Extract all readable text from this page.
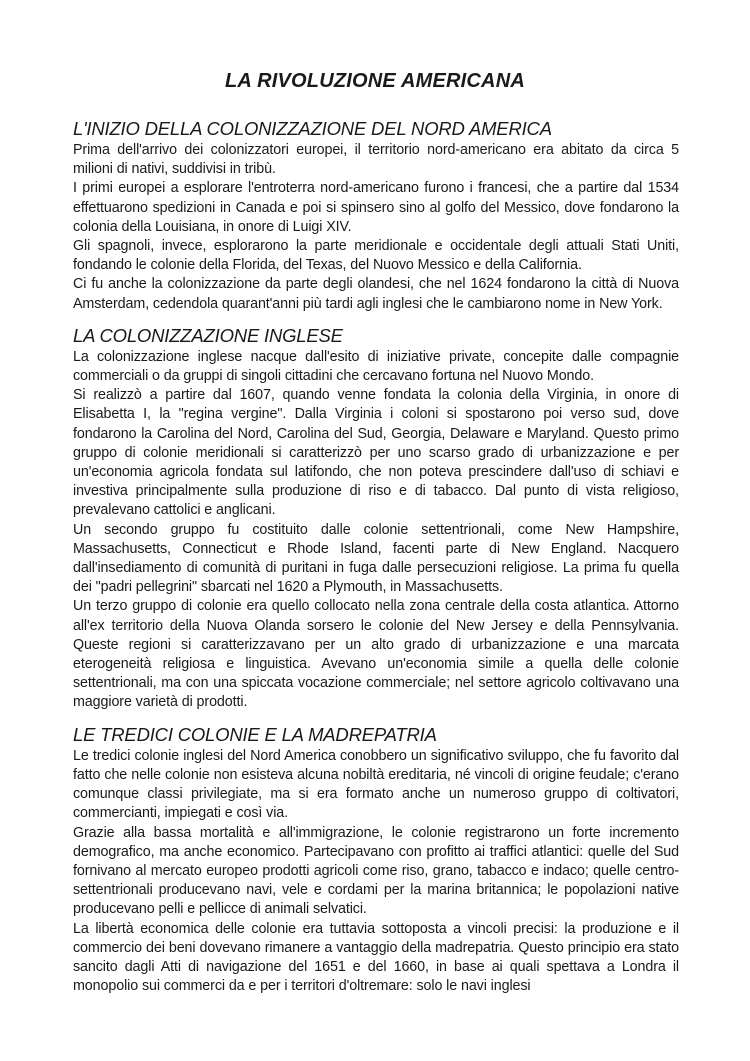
LA RIVOLUZIONE AMERICANA
L'INIZIO DELLA COLONIZZAZIONE DEL NORD AMERICA

Prima dell'arrivo dei colonizzatori europei, il territorio nord-americano era abitato da circa 5 milioni di nativi, suddivisi in tribù.

I primi europei a esplorare l'entroterra nord-americano furono i francesi, che a partire dal 1534 effettuarono spedizioni in Canada e poi si spinsero sino al golfo del Messico, dove fondarono la colonia della Louisiana, in onore di Luigi XIV.

Gli spagnoli, invece, esplorarono la parte meridionale e occidentale degli attuali Stati Uniti, fondando le colonie della Florida, del Texas, del Nuovo Messico e della California.

Ci fu anche la colonizzazione da parte degli olandesi, che nel 1624 fondarono la città di Nuova Amsterdam, cedendola quarant'anni più tardi agli inglesi che le cambiarono nome in New York.

LA COLONIZZAZIONE INGLESE

La colonizzazione inglese nacque dall'esito di iniziative private, concepite dalle compagnie commerciali o da gruppi di singoli cittadini che cercavano fortuna nel Nuovo Mondo.

Si realizzò a partire dal 1607, quando venne fondata la colonia della Virginia, in onore di Elisabetta I, la "regina vergine". Dalla Virginia i coloni si spostarono poi verso sud, dove fondarono la Carolina del Nord, Carolina del Sud, Georgia, Delaware e Maryland. Questo primo gruppo di colonie meridionali si caratterizzò per uno scarso grado di urbanizzazione e per un'economia agricola fondata sul latifondo, che non poteva prescindere dall'uso di schiavi e investiva principalmente sulla produzione di riso e di tabacco. Dal punto di vista religioso, prevalevano cattolici e anglicani.

Un secondo gruppo fu costituito dalle colonie settentrionali, come New Hampshire, Massachusetts, Connecticut e Rhode Island, facenti parte di New England. Nacquero dall'insediamento di comunità di puritani in fuga dalle persecuzioni religiose. La prima fu quella dei "padri pellegrini" sbarcati nel 1620 a Plymouth, in Massachusetts.

Un terzo gruppo di colonie era quello collocato nella zona centrale della costa atlantica. Attorno all'ex territorio della Nuova Olanda sorsero le colonie del New Jersey e della Pennsylvania. Queste regioni si caratterizzavano per un alto grado di urbanizzazione e una marcata eterogeneità religiosa e linguistica. Avevano un'economia simile a quella delle colonie settentrionali, ma con una spiccata vocazione commerciale; nel settore agricolo coltivavano una maggiore varietà di prodotti.

LE TREDICI COLONIE E LA MADREPATRIA

Le tredici colonie inglesi del Nord America conobbero un significativo sviluppo, che fu favorito dal fatto che nelle colonie non esisteva alcuna nobiltà ereditaria, né vincoli di origine feudale; c'erano comunque classi privilegiate, ma si era formato anche un numeroso gruppo di coltivatori, commercianti, impiegati e così via.

Grazie alla bassa mortalità e all'immigrazione, le colonie registrarono un forte incremento demografico, ma anche economico. Partecipavano con profitto ai traffici atlantici: quelle del Sud fornivano al mercato europeo prodotti agricoli come riso, grano, tabacco e indaco; quelle centro-settentrionali producevano navi, vele e cordami per la marina britannica; le popolazioni native producevano pelli e pellicce di animali selvatici.

La libertà economica delle colonie era tuttavia sottoposta a vincoli precisi: la produzione e il commercio dei beni dovevano rimanere a vantaggio della madrepatria. Questo principio era stato sancito dagli Atti di navigazione del 1651 e del 1660, in base ai quali spettava a Londra il monopolio sui commerci da e per i territori d'oltremare: solo le navi inglesi
